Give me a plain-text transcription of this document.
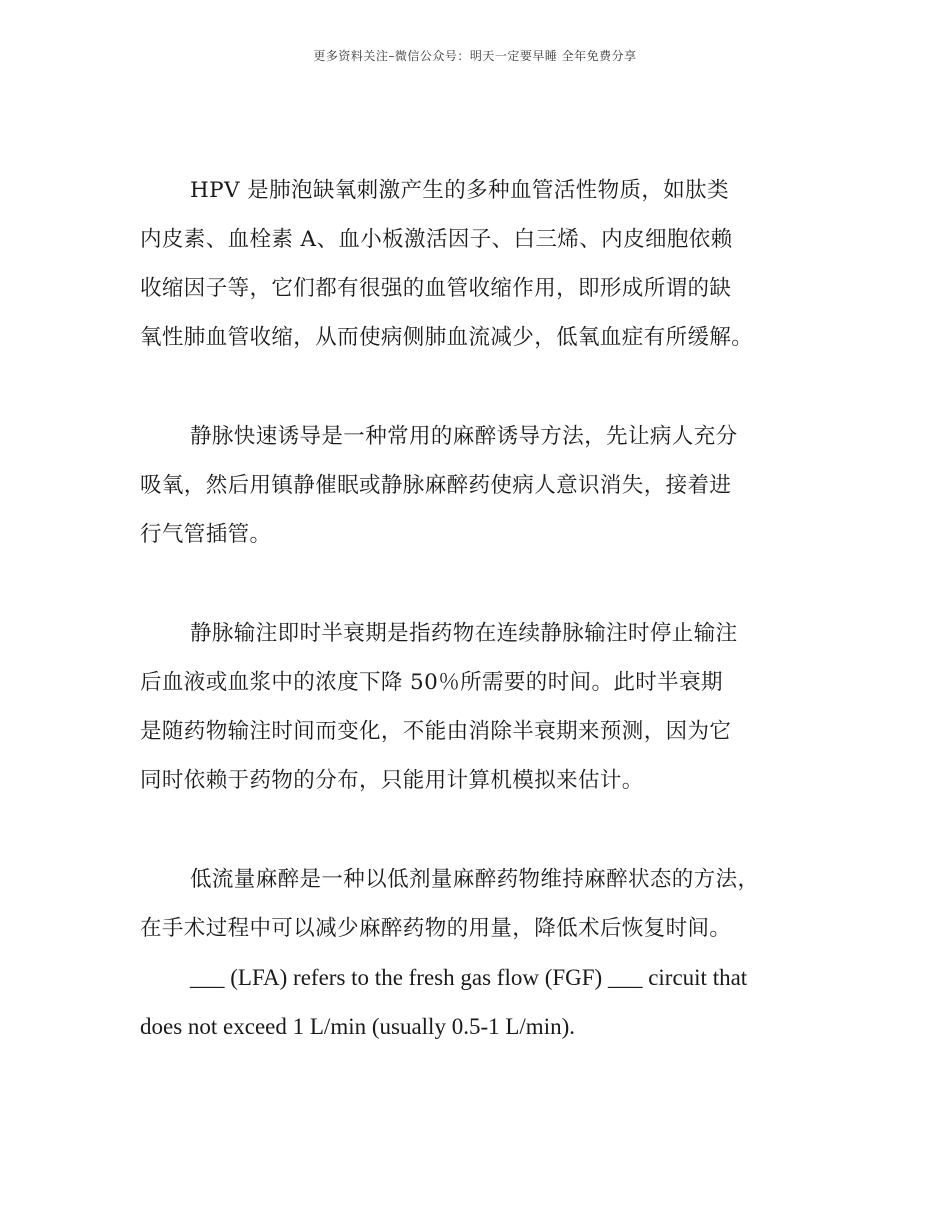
更多资料关注–微信公众号：明天一定要早睡 全年免费分享

HPV 是肺泡缺氧刺激产生的多种血管活性物质，如肽类
内皮素、血栓素 A、血小板激活因子、白三烯、内皮细胞依赖
收缩因子等，它们都有很强的血管收缩作用，即形成所谓的缺
氧性肺血管收缩，从而使病侧肺血流减少，低氧血症有所缓解。

静脉快速诱导是一种常用的麻醉诱导方法，先让病人充分
吸氧，然后用镇静催眠或静脉麻醉药使病人意识消失，接着进
行气管插管。

静脉输注即时半衰期是指药物在连续静脉输注时停止输注
后血液或血浆中的浓度下降 50％所需要的时间。此时半衰期
是随药物输注时间而变化，不能由消除半衰期来预测，因为它
同时依赖于药物的分布，只能用计算机模拟来估计。

低流量麻醉是一种以低剂量麻醉药物维持麻醉状态的方法，
在手术过程中可以减少麻醉药物的用量，降低术后恢复时间。

___ (LFA) refers to the fresh gas flow (FGF) ___ circuit that
does not exceed 1 L/min (usually 0.5-1 L/min).
